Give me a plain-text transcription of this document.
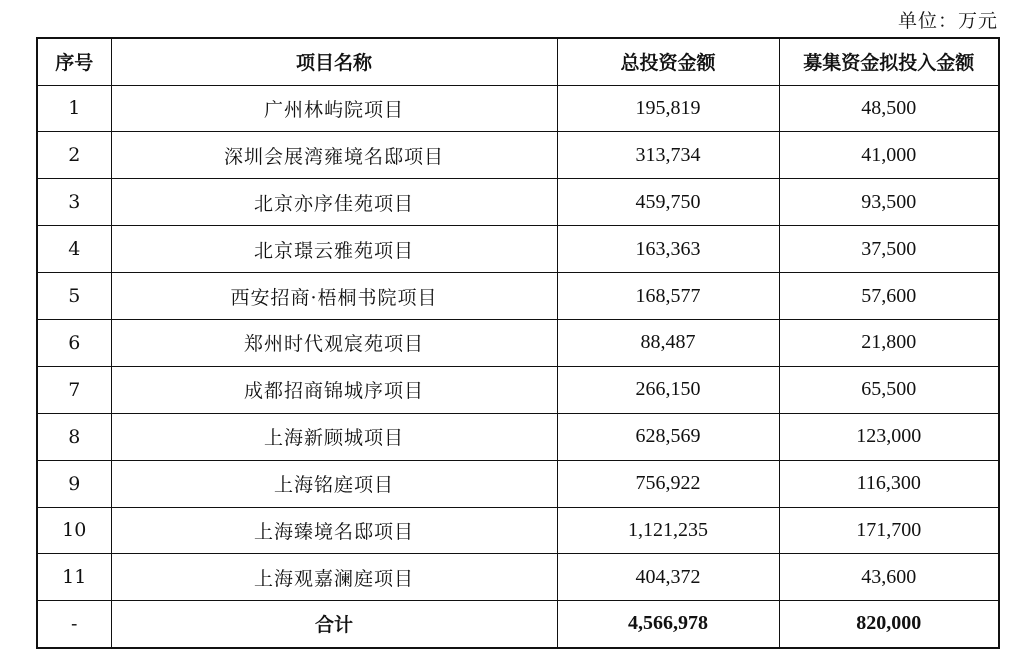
单位：万元
序号	项目名称	总投资金额	募集资金拟投入金额
1	广州林屿院项目	195,819	48,500
2	深圳会展湾雍境名邸项目	313,734	41,000
3	北京亦序佳苑项目	459,750	93,500
4	北京璟云雅苑项目	163,363	37,500
5	西安招商·梧桐书院项目	168,577	57,600
6	郑州时代观宸苑项目	88,487	21,800
7	成都招商锦城序项目	266,150	65,500
8	上海新顾城项目	628,569	123,000
9	上海铭庭项目	756,922	116,300
10	上海臻境名邸项目	1,121,235	171,700
11	上海观嘉澜庭项目	404,372	43,600
-	合计	4,566,978	820,000
